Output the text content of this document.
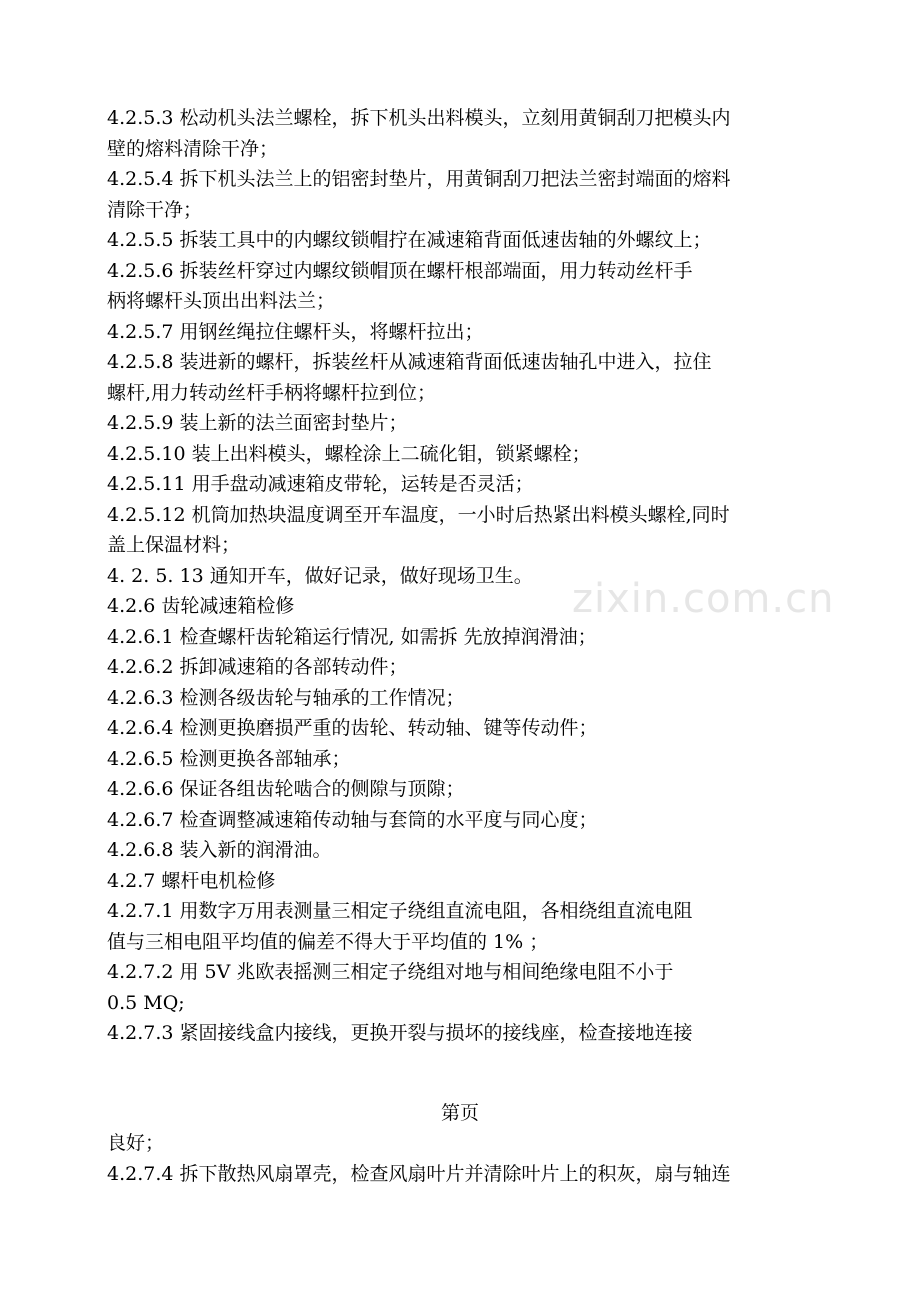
zixin.com.cn
4.2.5.3 松动机头法兰螺栓，拆下机头出料模头，立刻用黄铜刮刀把模头内
壁的熔料清除干净；
4.2.5.4 拆下机头法兰上的铝密封垫片，用黄铜刮刀把法兰密封端面的熔料
清除干净；
4.2.5.5 拆装工具中的内螺纹锁帽拧在减速箱背面低速齿轴的外螺纹上；
4.2.5.6 拆装丝杆穿过内螺纹锁帽顶在螺杆根部端面，用力转动丝杆手
柄将螺杆头顶出出料法兰；
4.2.5.7 用钢丝绳拉住螺杆头，将螺杆拉出；
4.2.5.8 装进新的螺杆，拆装丝杆从减速箱背面低速齿轴孔中进入，拉住
螺杆,用力转动丝杆手柄将螺杆拉到位；
4.2.5.9 装上新的法兰面密封垫片；
4.2.5.10 装上出料模头，螺栓涂上二硫化钼，锁紧螺栓；
4.2.5.11 用手盘动减速箱皮带轮，运转是否灵活；
4.2.5.12 机筒加热块温度调至开车温度，一小时后热紧出料模头螺栓,同时
盖上保温材料；
4. 2. 5. 13 通知开车，做好记录，做好现场卫生。
4.2.6 齿轮减速箱检修
4.2.6.1 检查螺杆齿轮箱运行情况, 如需拆 先放掉润滑油；
4.2.6.2 拆卸减速箱的各部转动件；
4.2.6.3 检测各级齿轮与轴承的工作情况；
4.2.6.4 检测更换磨损严重的齿轮、转动轴、键等传动件；
4.2.6.5 检测更换各部轴承；
4.2.6.6 保证各组齿轮啮合的侧隙与顶隙；
4.2.6.7 检查调整减速箱传动轴与套筒的水平度与同心度；
4.2.6.8 装入新的润滑油。
4.2.7 螺杆电机检修
4.2.7.1 用数字万用表测量三相定子绕组直流电阻，各相绕组直流电阻
值与三相电阻平均值的偏差不得大于平均值的 1% ；
4.2.7.2 用 5V 兆欧表摇测三相定子绕组对地与相间绝缘电阻不小于
0.5 MQ;
4.2.7.3 紧固接线盒内接线，更换开裂与损坏的接线座，检查接地连接
第页
良好；
4.2.7.4 拆下散热风扇罩壳，检查风扇叶片并清除叶片上的积灰，扇与轴连
